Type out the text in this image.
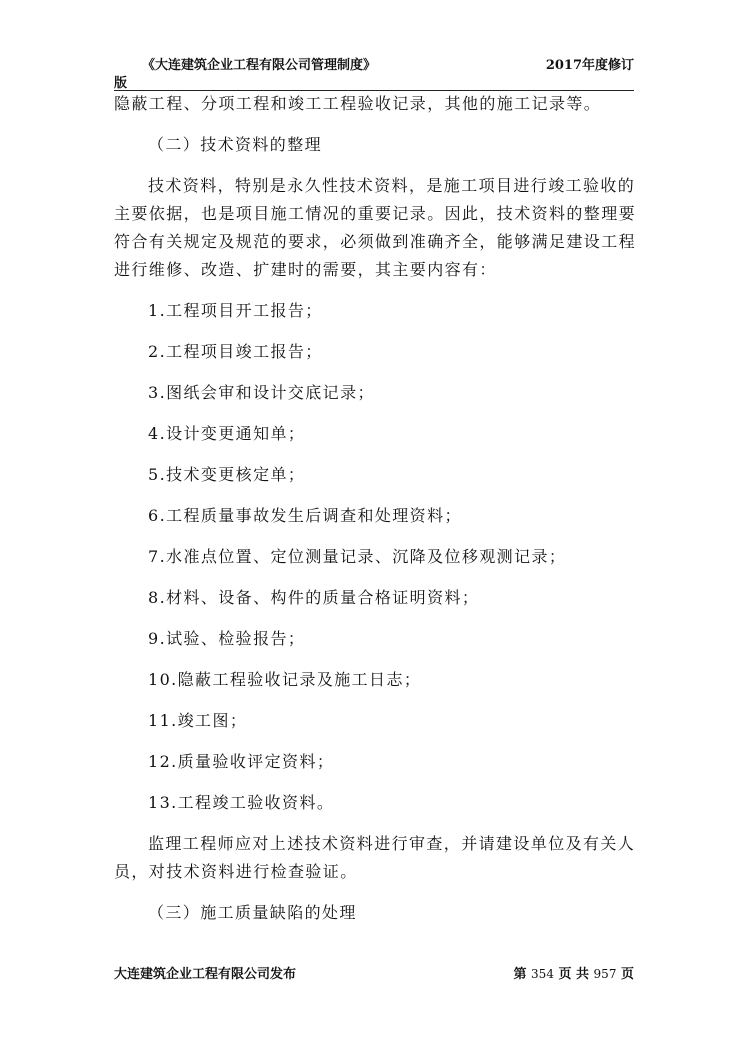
《大连建筑企业工程有限公司管理制度》	2017年度修订
版
隐蔽工程、分项工程和竣工工程验收记录，其他的施工记录等。
（二）技术资料的整理
技术资料，特别是永久性技术资料，是施工项目进行竣工验收的
主要依据，也是项目施工情况的重要记录。因此，技术资料的整理要
符合有关规定及规范的要求，必须做到准确齐全，能够满足建设工程
进行维修、改造、扩建时的需要，其主要内容有：
1.工程项目开工报告；
2.工程项目竣工报告；
3.图纸会审和设计交底记录；
4.设计变更通知单；
5.技术变更核定单；
6.工程质量事故发生后调查和处理资料；
7.水准点位置、定位测量记录、沉降及位移观测记录；
8.材料、设备、构件的质量合格证明资料；
9.试验、检验报告；
10.隐蔽工程验收记录及施工日志；
11.竣工图；
12.质量验收评定资料；
13.工程竣工验收资料。
监理工程师应对上述技术资料进行审查，并请建设单位及有关人
员，对技术资料进行检查验证。
（三）施工质量缺陷的处理
大连建筑企业工程有限公司发布	第 354 页 共 957 页
